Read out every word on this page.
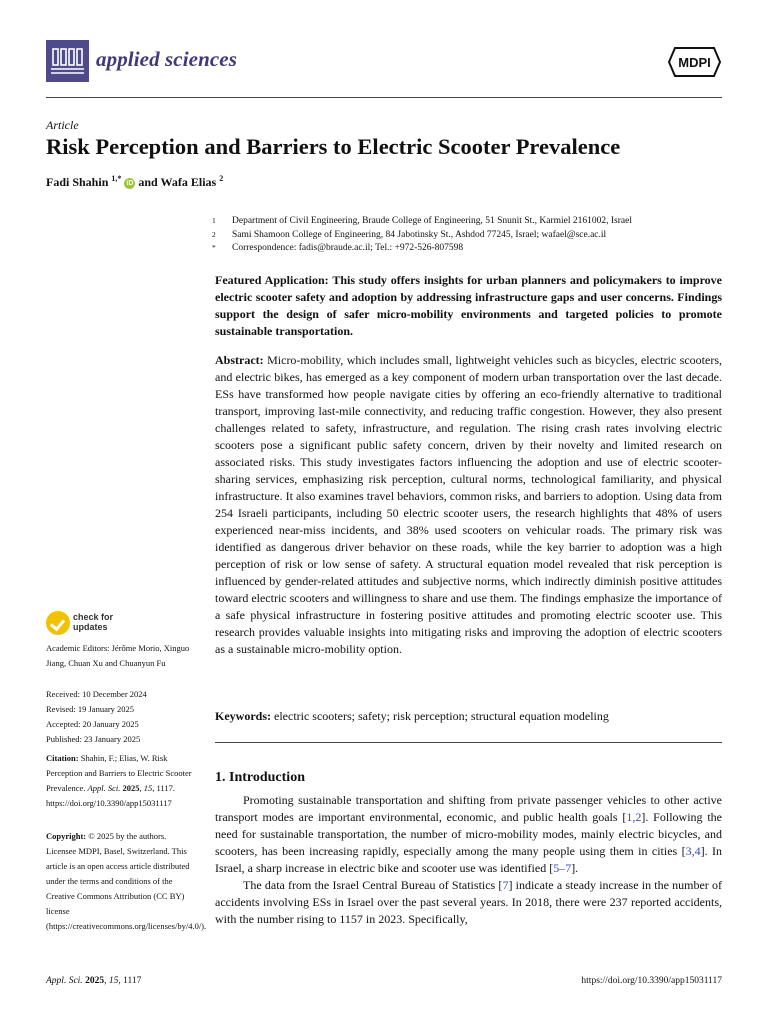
applied sciences	MDPI
Article
Risk Perception and Barriers to Electric Scooter Prevalence
Fadi Shahin $^{1,*}$ iD and Wafa Elias $^2$
1	Department of Civil Engineering, Braude College of Engineering, 51 Snunit St., Karmiel 2161002, Israel
2	Sami Shamoon College of Engineering, 84 Jabotinsky St., Ashdod 77245, Israel; wafael@sce.ac.il
*	Correspondence: fadis@braude.ac.il; Tel.: +972-526-807598
Featured Application: This study offers insights for urban planners and policymakers to improve electric scooter safety and adoption by addressing infrastructure gaps and user concerns. Findings support the design of safer micro-mobility environments and targeted policies to promote sustainable transportation.
Abstract: Micro-mobility, which includes small, lightweight vehicles such as bicycles, electric scooters, and electric bikes, has emerged as a key component of modern urban transportation over the last decade. ESs have transformed how people navigate cities by offering an eco-friendly alternative to traditional transport, improving last-mile connectivity, and reducing traffic congestion. However, they also present challenges related to safety, infrastructure, and regulation. The rising crash rates involving electric scooters pose a significant public safety concern, driven by their novelty and limited research on associated risks. This study investigates factors influencing the adoption and use of electric scooter-sharing services, emphasizing risk perception, cultural norms, technological familiarity, and physical infrastructure. It also examines travel behaviors, common risks, and barriers to adoption. Using data from 254 Israeli participants, including 50 electric scooter users, the research highlights that 48% of users experienced near-miss incidents, and 38% used scooters on vehicular roads. The primary risk was identified as dangerous driver behavior on these roads, while the key barrier to adoption was a high perception of risk or low sense of safety. A structural equation model revealed that risk perception is influenced by gender-related attitudes and subjective norms, which indirectly diminish positive attitudes toward electric scooters and willingness to share and use them. The findings emphasize the importance of a safe physical infrastructure in fostering positive attitudes and promoting electric scooter use. This research provides valuable insights into mitigating risks and improving the adoption of electric scooters as a sustainable micro-mobility option.
Keywords: electric scooters; safety; risk perception; structural equation modeling
1. Introduction

Promoting sustainable transportation and shifting from private passenger vehicles to other active transport modes are important environmental, economic, and public health goals [1,2]. Following the need for sustainable transportation, the number of micro-mobility modes, mainly electric bicycles, and scooters, has been increasing rapidly, especially among the many people using them in cities [3,4]. In Israel, a sharp increase in electric bike and scooter use was identified [5–7].

The data from the Israel Central Bureau of Statistics [7] indicate a steady increase in the number of accidents involving ESs in Israel over the past several years. In 2018, there were 237 reported accidents, with the number rising to 1157 in 2023. Specifically,

check for updates
Academic Editors: Jérôme Morio, Xinguo Jiang, Chuan Xu and Chuanyun Fu
Received: 10 December 2024
Revised: 19 January 2025
Accepted: 20 January 2025
Published: 23 January 2025
Citation: Shahin, F.; Elias, W. Risk Perception and Barriers to Electric Scooter Prevalence. Appl. Sci. 2025, 15, 1117. https://doi.org/10.3390/app15031117
Copyright: © 2025 by the authors. Licensee MDPI, Basel, Switzerland. This article is an open access article distributed under the terms and conditions of the Creative Commons Attribution (CC BY) license (https://creativecommons.org/licenses/by/4.0/).
Appl. Sci. 2025, 15, 1117	https://doi.org/10.3390/app15031117
